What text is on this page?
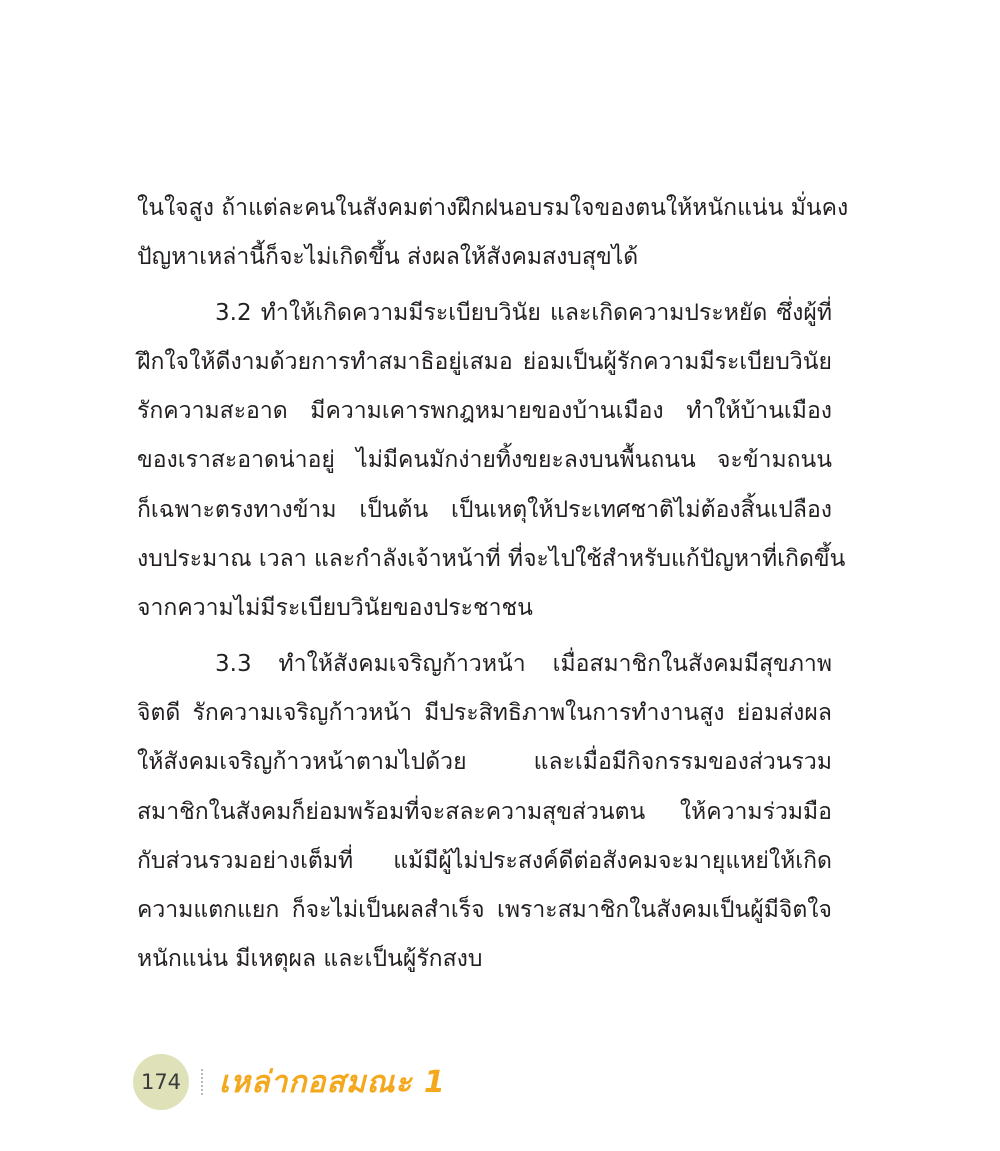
ในใจสูง ถ้าแต่ละคนในสังคมต่างฝึกฝนอบรมใจของตนให้หนักแน่น มั่นคง
ปัญหาเหล่านี้ก็จะไม่เกิดขึ้น ส่งผลให้สังคมสงบสุขได้
3.2 ทำให้เกิดความมีระเบียบวินัย และเกิดความประหยัด ซึ่งผู้ที่
ฝึกใจให้ดีงามด้วยการทำสมาธิอยู่เสมอ ย่อมเป็นผู้รักความมีระเบียบวินัย
รักความสะอาด มีความเคารพกฎหมายของบ้านเมือง ทำให้บ้านเมือง
ของเราสะอาดน่าอยู่ ไม่มีคนมักง่ายทิ้งขยะลงบนพื้นถนน จะข้ามถนน
ก็เฉพาะตรงทางข้าม เป็นต้น เป็นเหตุให้ประเทศชาติไม่ต้องสิ้นเปลือง
งบประมาณ เวลา และกำลังเจ้าหน้าที่ ที่จะไปใช้สำหรับแก้ปัญหาที่เกิดขึ้น
จากความไม่มีระเบียบวินัยของประชาชน
3.3 ทำให้สังคมเจริญก้าวหน้า เมื่อสมาชิกในสังคมมีสุขภาพ
จิตดี รักความเจริญก้าวหน้า มีประสิทธิภาพในการทำงานสูง ย่อมส่งผล
ให้สังคมเจริญก้าวหน้าตามไปด้วย และเมื่อมีกิจกรรมของส่วนรวม
สมาชิกในสังคมก็ย่อมพร้อมที่จะสละความสุขส่วนตน ให้ความร่วมมือ
กับส่วนรวมอย่างเต็มที่ แม้มีผู้ไม่ประสงค์ดีต่อสังคมจะมายุแหย่ให้เกิด
ความแตกแยก ก็จะไม่เป็นผลสำเร็จ เพราะสมาชิกในสังคมเป็นผู้มีจิตใจ
หนักแน่น มีเหตุผล และเป็นผู้รักสงบ
174 เหล่ากอสมณะ 1
